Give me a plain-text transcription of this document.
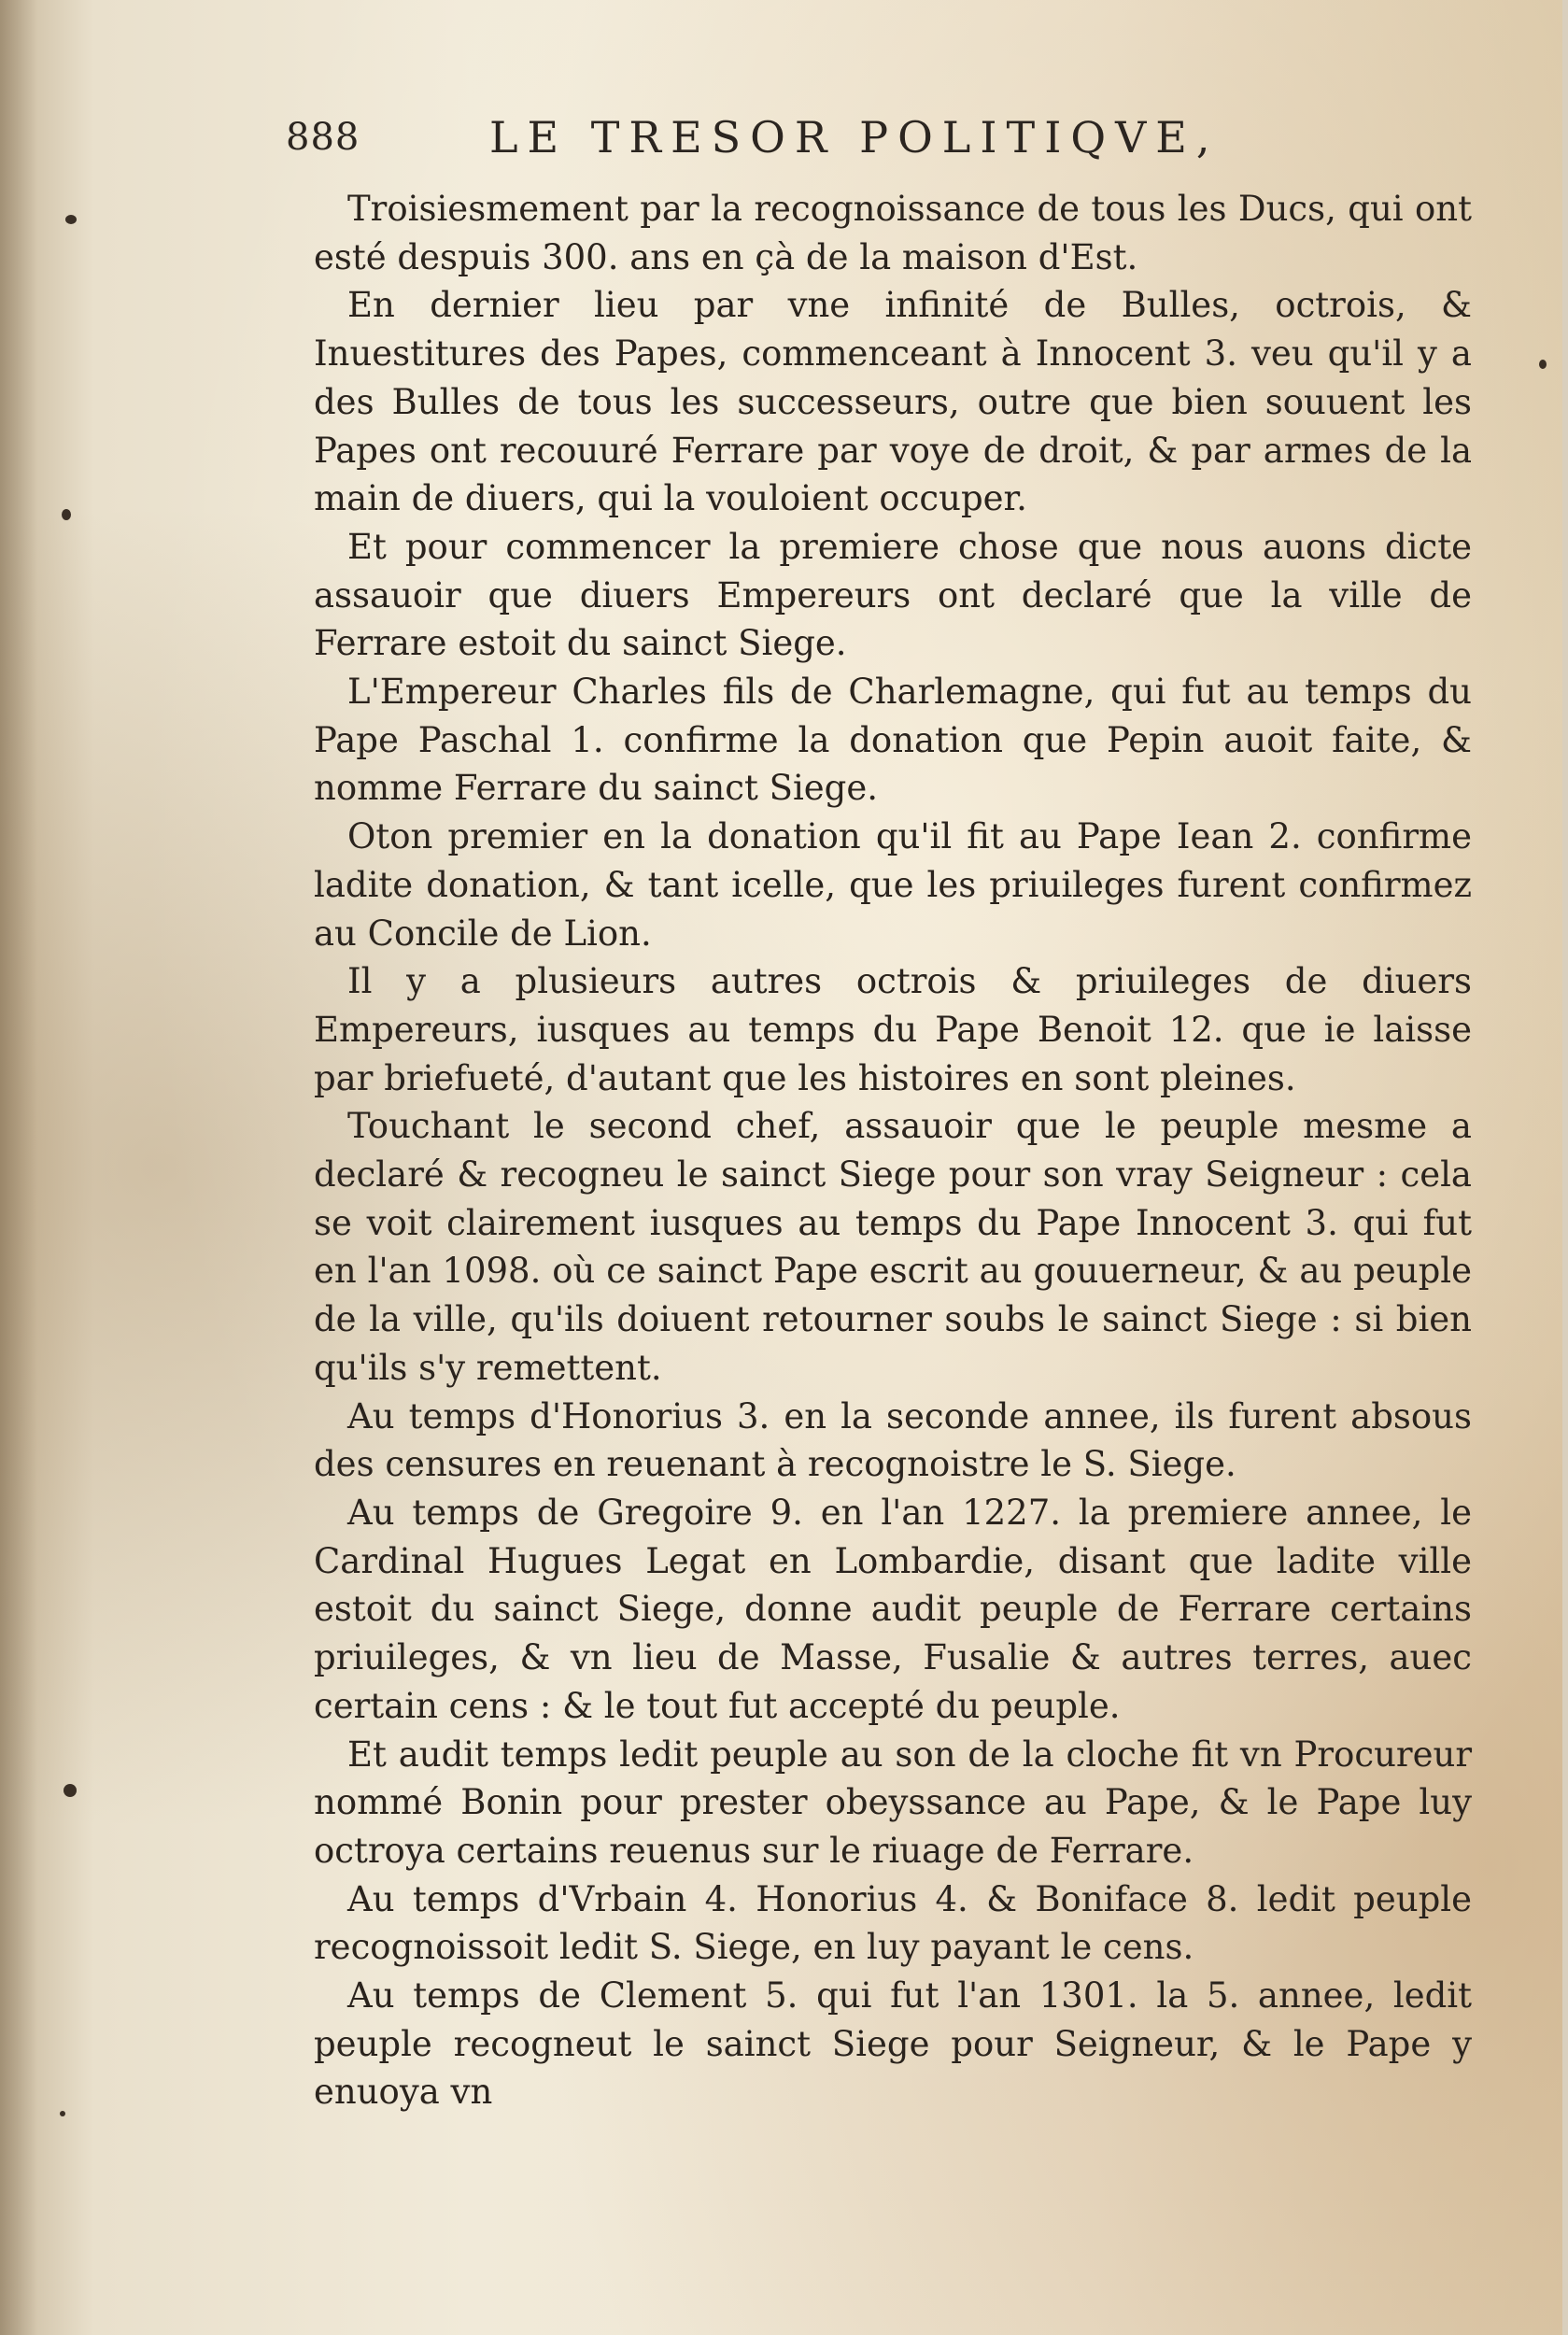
888	LE TRESOR POLITIQVE,

Troisiesmement par la recognoissance de tous les Ducs, qui ont esté despuis 300. ans en çà de la maison d'Est.

En dernier lieu par vne infinité de Bulles, octrois, & Inuestitures des Papes, commenceant à Innocent 3. veu qu'il y a des Bulles de tous les successeurs, outre que bien souuent les Papes ont recouuré Ferrare par voye de droit, & par armes de la main de diuers, qui la vouloient occuper.

Et pour commencer la premiere chose que nous auons dicte assauoir que diuers Empereurs ont declaré que la ville de Ferrare estoit du sainct Siege.

L'Empereur Charles fils de Charlemagne, qui fut au temps du Pape Paschal 1. confirme la donation que Pepin auoit faite, & nomme Ferrare du sainct Siege.

Oton premier en la donation qu'il fit au Pape Iean 2. confirme ladite donation, & tant icelle, que les priuileges furent confirmez au Concile de Lion.

Il y a plusieurs autres octrois & priuileges de diuers Empereurs, iusques au temps du Pape Benoit 12. que ie laisse par briefueté, d'autant que les histoires en sont pleines.

Touchant le second chef, assauoir que le peuple mesme a declaré & recogneu le sainct Siege pour son vray Seigneur : cela se voit clairement iusques au temps du Pape Innocent 3. qui fut en l'an 1098. où ce sainct Pape escrit au gouuerneur, & au peuple de la ville, qu'ils doiuent retourner soubs le sainct Siege : si bien qu'ils s'y remettent.

Au temps d'Honorius 3. en la seconde annee, ils furent absous des censures en reuenant à recognoistre le S. Siege.

Au temps de Gregoire 9. en l'an 1227. la premiere annee, le Cardinal Hugues Legat en Lombardie, disant que ladite ville estoit du sainct Siege, donne audit peuple de Ferrare certains priuileges, & vn lieu de Masse, Fusalie & autres terres, auec certain cens : & le tout fut accepté du peuple.

Et audit temps ledit peuple au son de la cloche fit vn Procureur nommé Bonin pour prester obeyssance au Pape, & le Pape luy octroya certains reuenus sur le riuage de Ferrare.

Au temps d'Vrbain 4. Honorius 4. & Boniface 8. ledit peuple recognoissoit ledit S. Siege, en luy payant le cens.

Au temps de Clement 5. qui fut l'an 1301. la 5. annee, ledit peuple recogneut le sainct Siege pour Seigneur, & le Pape y enuoya vn
